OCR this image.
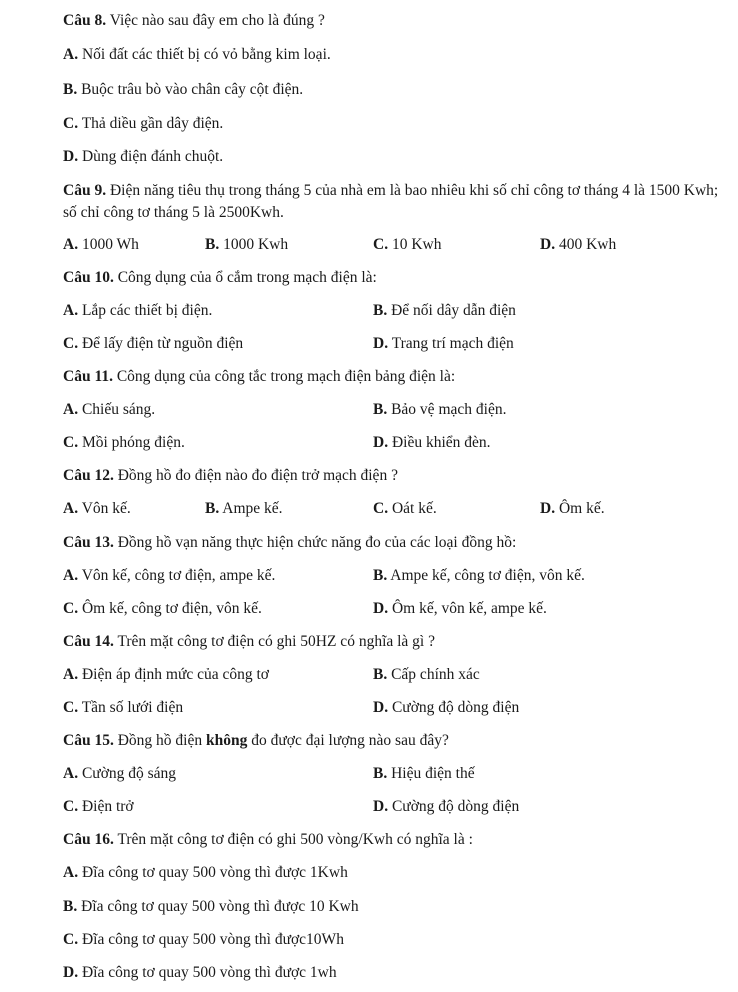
Câu 8. Việc nào sau đây em cho là đúng ?
A. Nối đất các thiết bị có vỏ bằng kim loại.
B. Buộc trâu bò vào chân cây cột điện.
C. Thả diều gần dây điện.
D. Dùng điện đánh chuột.
Câu 9. Điện năng tiêu thụ trong tháng 5 của nhà em là bao nhiêu khi số chỉ công tơ tháng 4 là 1500 Kwh; số chỉ công tơ tháng 5 là 2500Kwh.
A. 1000 Wh	B. 1000 Kwh	C. 10 Kwh	D. 400 Kwh
Câu 10. Công dụng của ổ cắm trong mạch điện là:
A. Lắp các thiết bị điện.	B. Để nối dây dẫn điện
C. Để lấy điện từ nguồn điện	D. Trang trí mạch điện
Câu 11. Công dụng của công tắc trong mạch điện bảng điện là:
A. Chiếu sáng.	B. Bảo vệ mạch điện.
C. Mồi phóng điện.	D. Điều khiển đèn.
Câu 12. Đồng hồ đo điện nào đo điện trở mạch điện ?
A. Vôn kế.	B. Ampe kế.	C. Oát kế.	D. Ôm kế.
Câu 13. Đồng hồ vạn năng thực hiện chức năng đo của các loại đồng hồ:
A. Vôn kế, công tơ điện, ampe kế.	B. Ampe kế, công tơ điện, vôn kế.
C. Ôm kế, công tơ điện, vôn kế.	D. Ôm kế, vôn kế, ampe kế.
Câu 14. Trên mặt công tơ điện có ghi 50HZ có nghĩa là gì ?
A. Điện áp định mức của công tơ	B. Cấp chính xác
C. Tần số lưới điện	D. Cường độ dòng điện
Câu 15. Đồng hồ điện không đo được đại lượng nào sau đây?
A. Cường độ sáng	B. Hiệu điện thế
C. Điện trở	D. Cường độ dòng điện
Câu 16. Trên mặt công tơ điện có ghi 500 vòng/Kwh có nghĩa là :
A. Đĩa công tơ quay 500 vòng thì được 1Kwh
B. Đĩa công tơ quay 500 vòng thì được 10 Kwh
C. Đĩa công tơ quay 500 vòng thì được10Wh
D. Đĩa công tơ quay 500 vòng thì được 1wh
